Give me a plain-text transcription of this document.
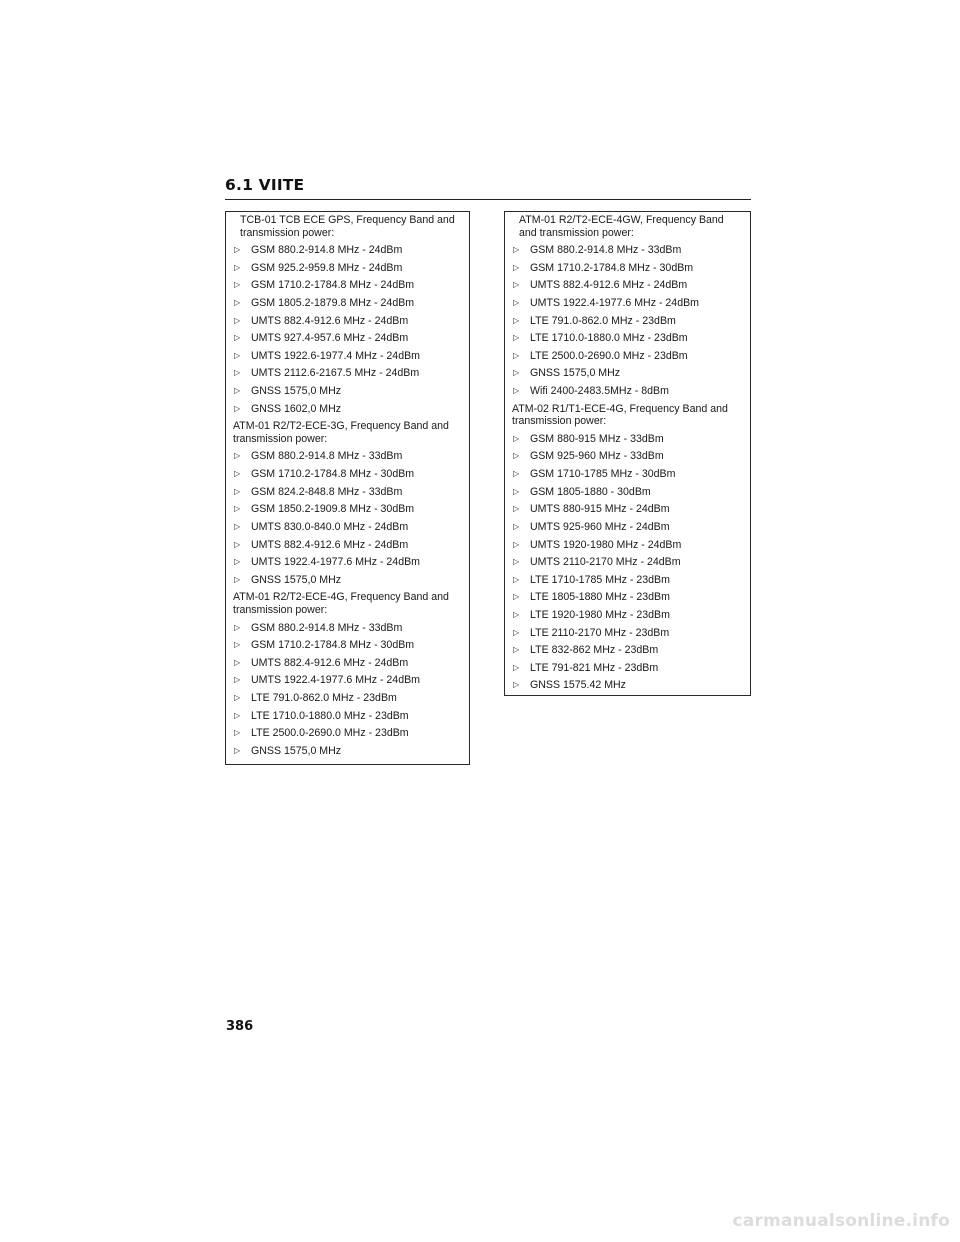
6.1 VIITE
TCB-01 TCB ECE GPS, Frequency Band and transmission power:
▷ GSM 880.2-914.8 MHz - 24dBm
▷ GSM 925.2-959.8 MHz - 24dBm
▷ GSM 1710.2-1784.8 MHz - 24dBm
▷ GSM 1805.2-1879.8 MHz - 24dBm
▷ UMTS 882.4-912.6 MHz - 24dBm
▷ UMTS 927.4-957.6 MHz - 24dBm
▷ UMTS 1922.6-1977.4 MHz - 24dBm
▷ UMTS 2112.6-2167.5 MHz - 24dBm
▷ GNSS 1575,0 MHz
▷ GNSS 1602,0 MHz
ATM-01 R2/T2-ECE-3G, Frequency Band and transmission power:
▷ GSM 880.2-914.8 MHz - 33dBm
▷ GSM 1710.2-1784.8 MHz - 30dBm
▷ GSM 824.2-848.8 MHz - 33dBm
▷ GSM 1850.2-1909.8 MHz - 30dBm
▷ UMTS 830.0-840.0 MHz - 24dBm
▷ UMTS 882.4-912.6 MHz - 24dBm
▷ UMTS 1922.4-1977.6 MHz - 24dBm
▷ GNSS 1575,0 MHz
ATM-01 R2/T2-ECE-4G, Frequency Band and transmission power:
▷ GSM 880.2-914.8 MHz - 33dBm
▷ GSM 1710.2-1784.8 MHz - 30dBm
▷ UMTS 882.4-912.6 MHz - 24dBm
▷ UMTS 1922.4-1977.6 MHz - 24dBm
▷ LTE 791.0-862.0 MHz - 23dBm
▷ LTE 1710.0-1880.0 MHz - 23dBm
▷ LTE 2500.0-2690.0 MHz - 23dBm
▷ GNSS 1575,0 MHz
ATM-01 R2/T2-ECE-4GW, Frequency Band and transmission power:
▷ GSM 880.2-914.8 MHz - 33dBm
▷ GSM 1710.2-1784.8 MHz - 30dBm
▷ UMTS 882.4-912.6 MHz - 24dBm
▷ UMTS 1922.4-1977.6 MHz - 24dBm
▷ LTE 791.0-862.0 MHz - 23dBm
▷ LTE 1710.0-1880.0 MHz - 23dBm
▷ LTE 2500.0-2690.0 MHz - 23dBm
▷ GNSS 1575,0 MHz
▷ Wifi 2400-2483.5MHz - 8dBm
ATM-02 R1/T1-ECE-4G, Frequency Band and transmission power:
▷ GSM 880-915 MHz - 33dBm
▷ GSM 925-960 MHz - 33dBm
▷ GSM 1710-1785 MHz - 30dBm
▷ GSM 1805-1880 - 30dBm
▷ UMTS 880-915 MHz - 24dBm
▷ UMTS 925-960 MHz - 24dBm
▷ UMTS 1920-1980 MHz - 24dBm
▷ UMTS 2110-2170 MHz - 24dBm
▷ LTE 1710-1785 MHz - 23dBm
▷ LTE 1805-1880 MHz - 23dBm
▷ LTE 1920-1980 MHz - 23dBm
▷ LTE 2110-2170 MHz - 23dBm
▷ LTE 832-862 MHz - 23dBm
▷ LTE 791-821 MHz - 23dBm
▷ GNSS 1575.42 MHz
386
carmanualsonline.info
